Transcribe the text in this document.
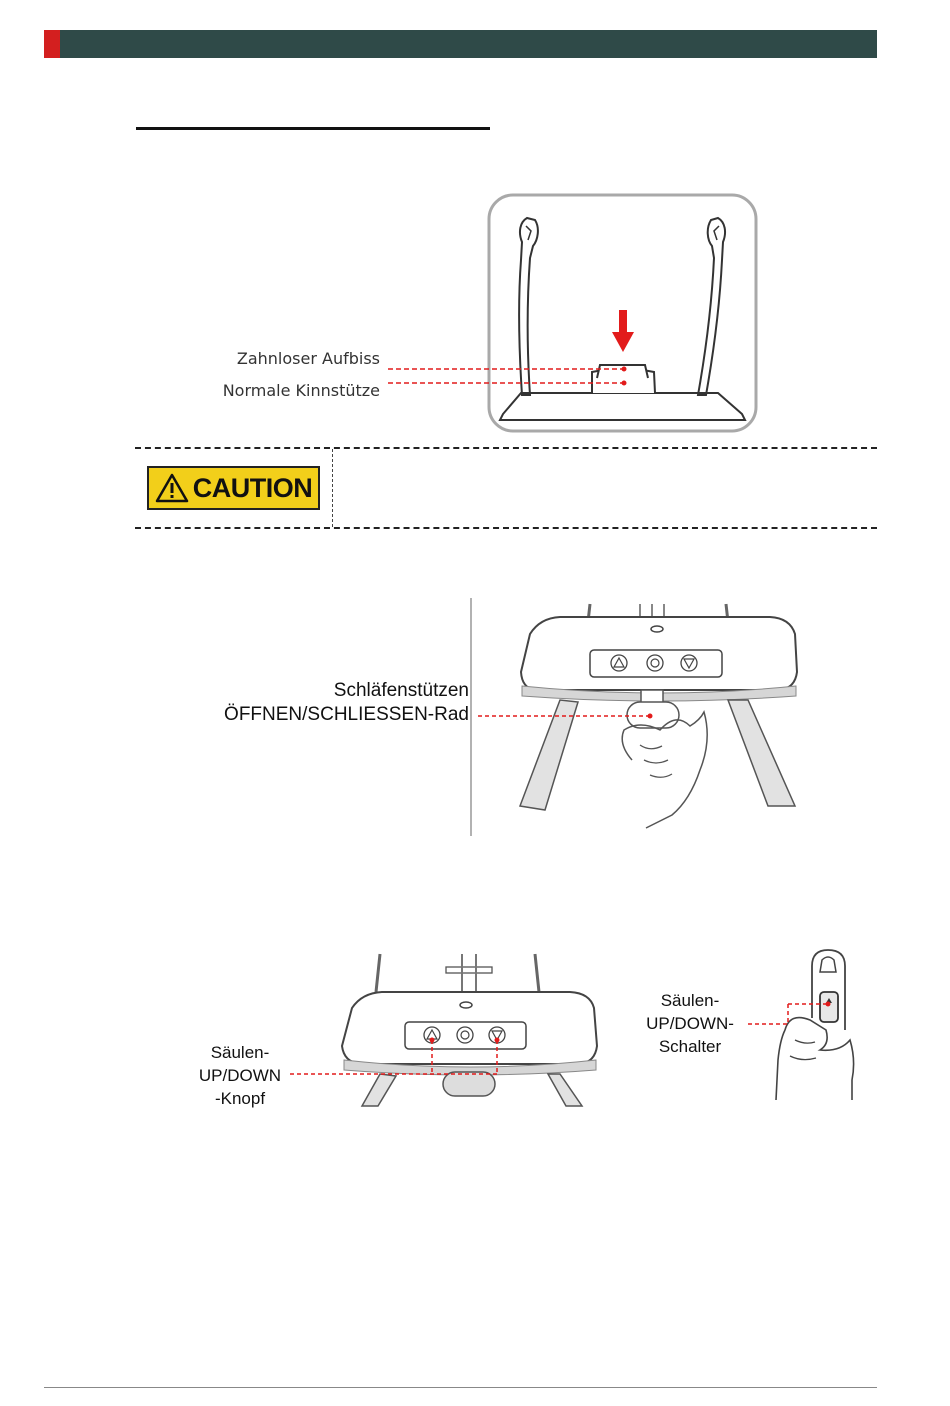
Zahnloser Aufbiss
Normale Kinnstütze
CAUTION
Schläfenstützen
ÖFFNEN/SCHLIESSEN-Rad
Säulen-
UP/DOWN
-Knopf
Säulen-
UP/DOWN-
Schalter
